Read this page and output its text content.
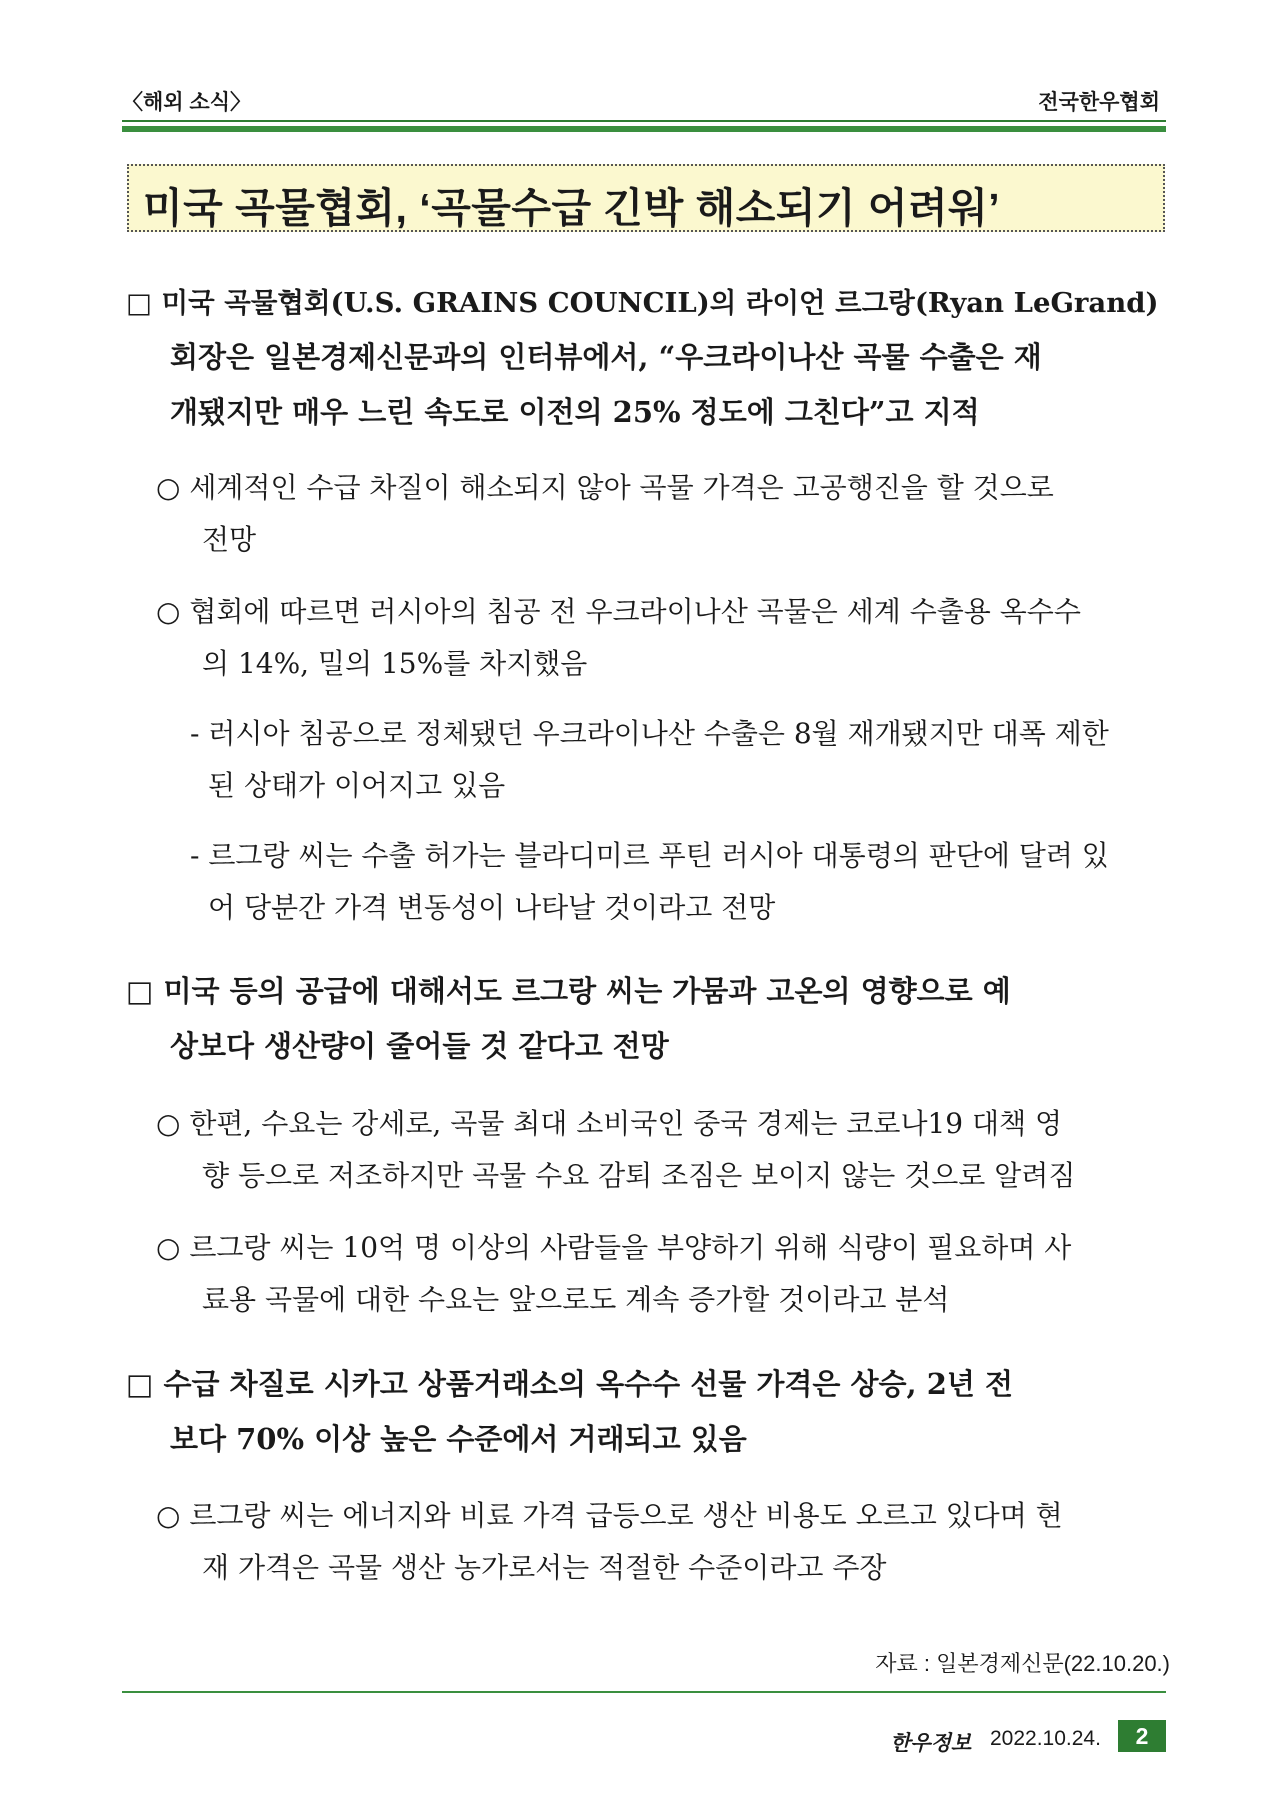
〈해외 소식〉	전국한우협회
미국 곡물협회, ‘곡물수급 긴박 해소되기 어려워’
□ 미국 곡물협회(U.S. GRAINS COUNCIL)의 라이언 르그랑(Ryan LeGrand)
회장은 일본경제신문과의 인터뷰에서, “우크라이나산 곡물 수출은 재
개됐지만 매우 느린 속도로 이전의 25% 정도에 그친다”고 지적
○ 세계적인 수급 차질이 해소되지 않아 곡물 가격은 고공행진을 할 것으로
전망
○ 협회에 따르면 러시아의 침공 전 우크라이나산 곡물은 세계 수출용 옥수수
의 14%, 밀의 15%를 차지했음
- 러시아 침공으로 정체됐던 우크라이나산 수출은 8월 재개됐지만 대폭 제한
된 상태가 이어지고 있음
- 르그랑 씨는 수출 허가는 블라디미르 푸틴 러시아 대통령의 판단에 달려 있
어 당분간 가격 변동성이 나타날 것이라고 전망
□ 미국 등의 공급에 대해서도 르그랑 씨는 가뭄과 고온의 영향으로 예
상보다 생산량이 줄어들 것 같다고 전망
○ 한편, 수요는 강세로, 곡물 최대 소비국인 중국 경제는 코로나19 대책 영
향 등으로 저조하지만 곡물 수요 감퇴 조짐은 보이지 않는 것으로 알려짐
○ 르그랑 씨는 10억 명 이상의 사람들을 부양하기 위해 식량이 필요하며 사
료용 곡물에 대한 수요는 앞으로도 계속 증가할 것이라고 분석
□ 수급 차질로 시카고 상품거래소의 옥수수 선물 가격은 상승, 2년 전
보다 70% 이상 높은 수준에서 거래되고 있음
○ 르그랑 씨는 에너지와 비료 가격 급등으로 생산 비용도 오르고 있다며 현
재 가격은 곡물 생산 농가로서는 적절한 수준이라고 주장
자료 : 일본경제신문(22.10.20.)
한우정보 2022.10.24.	2
